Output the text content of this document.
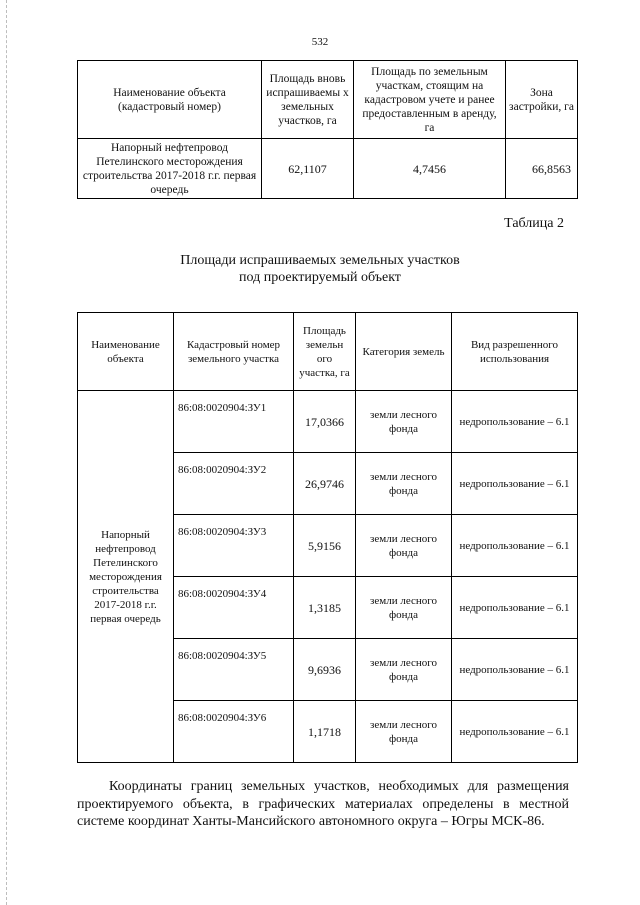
532
Наименование объекта (кадастровый номер)	Площадь вновь испрашиваемы х земельных участков, га	Площадь по земельным участкам, стоящим на кадастровом учете и ранее предоставленным в аренду, га	Зона застройки, га
Напорный нефтепровод Петелинского месторождения строительства 2017-2018 г.г. первая очередь	62,1107	4,7456	66,8563
Таблица 2
Площади испрашиваемых земельных участков
под проектируемый объект
Наименование объекта	Кадастровый номер земельного участка	Площадь земельн ого участка, га	Категория земель	Вид разрешенного использования
Напорный нефтепровод Петелинского месторождения строительства 2017-2018 г.г. первая очередь	86:08:0020904:ЗУ1	17,0366	земли лесного фонда	недропользование – 6.1
	86:08:0020904:ЗУ2	26,9746	земли лесного фонда	недропользование – 6.1
	86:08:0020904:ЗУ3	5,9156	земли лесного фонда	недропользование – 6.1
	86:08:0020904:ЗУ4	1,3185	земли лесного фонда	недропользование – 6.1
	86:08:0020904:ЗУ5	9,6936	земли лесного фонда	недропользование – 6.1
	86:08:0020904:ЗУ6	1,1718	земли лесного фонда	недропользование – 6.1

Координаты границ земельных участков, необходимых для размещения проектируемого объекта, в графических материалах определены в местной системе координат Ханты-Мансийского автономного округа – Югры МСК-86.
